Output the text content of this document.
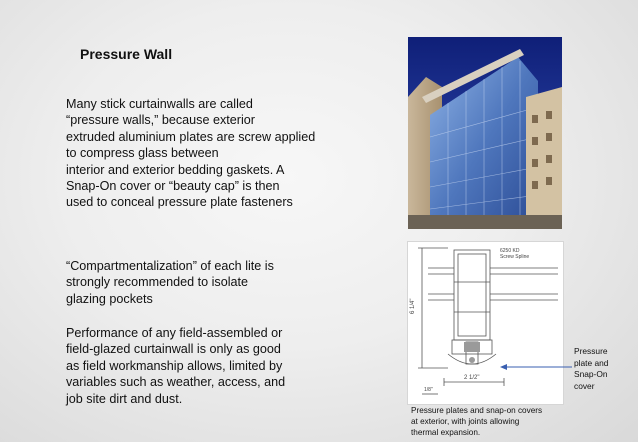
Pressure Wall
Many stick curtainwalls are called
“pressure walls,” because exterior
extruded aluminium plates are screw applied
to compress glass between
interior and exterior bedding gaskets. A
Snap-On cover or “beauty cap” is then
used to conceal pressure plate fasteners
“Compartmentalization” of each lite is
strongly recommended to isolate
glazing pockets
Performance of any field-assembled or
field-glazed curtainwall is only as good
as field workmanship allows, limited by
variables such as weather, access, and
job site dirt and dust.
6250 KD
Screw Spline
6 1/4"
2 1/2"
1/8"
Pressure
plate and
Snap-On
cover
Pressure plates and snap-on covers
at exterior, with joints allowing
thermal expansion.
